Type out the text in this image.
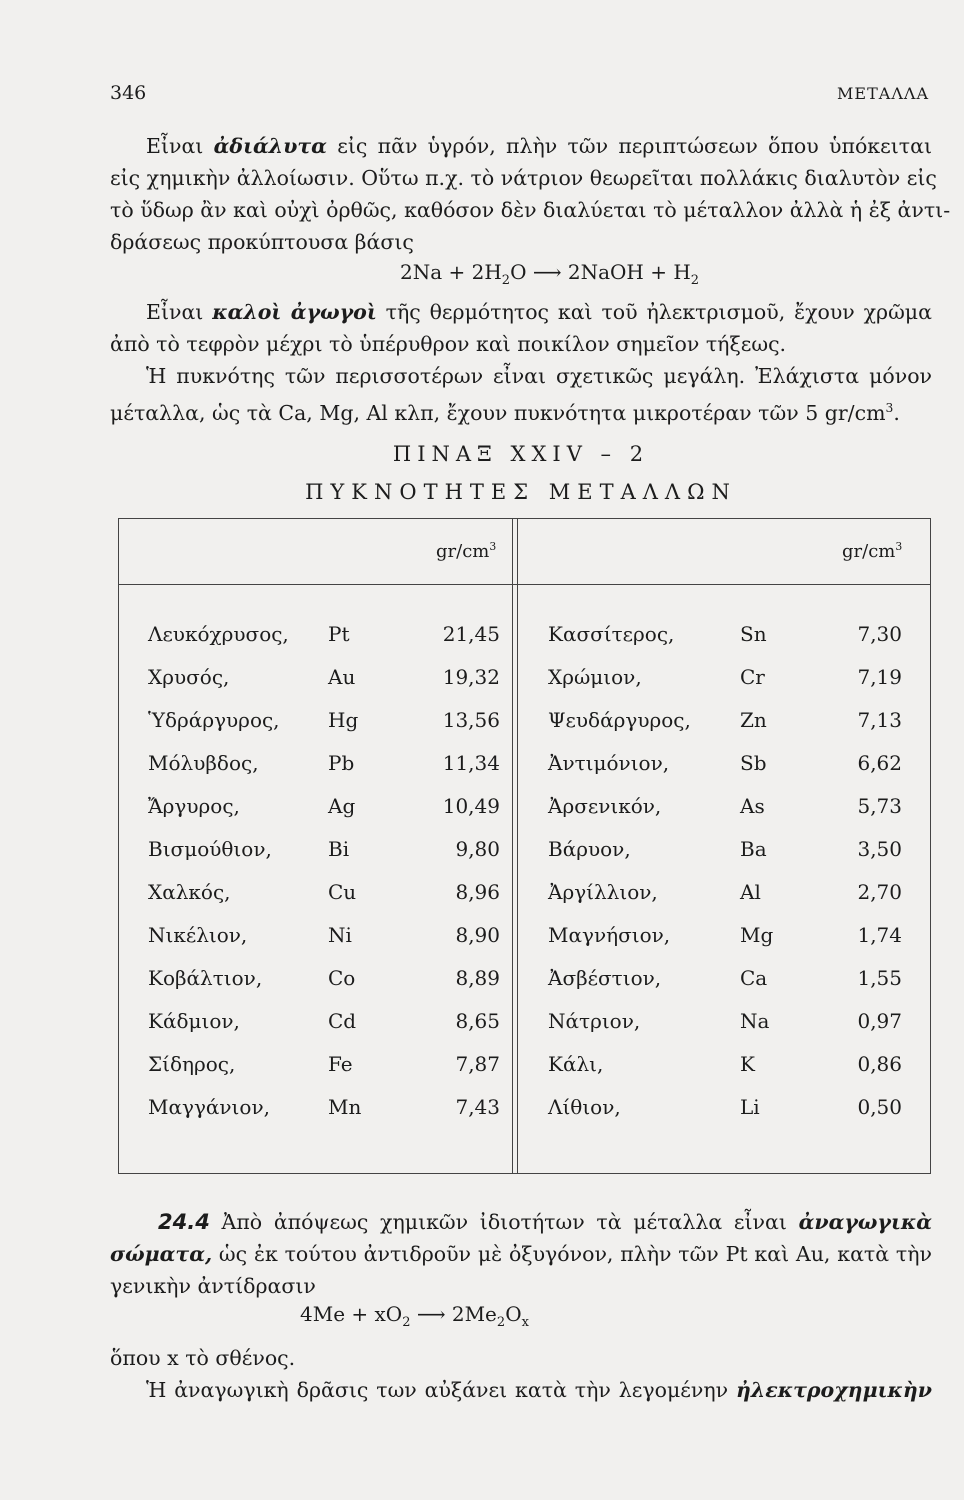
346	ΜΕΤΑΛΛΑ
Εἶναι ἀδιάλυτα εἰς πᾶν ὑγρόν, πλὴν τῶν περιπτώσεων ὅπου ὑπόκειται
εἰς χημικὴν ἀλλοίωσιν. Οὕτω π.χ. τὸ νάτριον θεωρεῖται πολλάκις διαλυτὸν εἰς
τὸ ὕδωρ ἂν καὶ οὐχὶ ὀρθῶς, καθόσον δὲν διαλύεται τὸ μέταλλον ἀλλὰ ἡ ἐξ ἀντι-
δράσεως προκύπτουσα βάσις
$2Na + 2H_2O$ ⟶ 2NaOH + $H_2$
Εἶναι καλοὶ ἀγωγοὶ τῆς θερμότητος καὶ τοῦ ἠλεκτρισμοῦ, ἔχουν χρῶμα
ἀπὸ τὸ τεφρὸν μέχρι τὸ ὑπέρυθρον καὶ ποικίλον σημεῖον τήξεως.
Ἡ πυκνότης τῶν περισσοτέρων εἶναι σχετικῶς μεγάλη. Ἐλάχιστα μόνον
μέταλλα, ὡς τὰ Ca, Mg, Al κλπ, ἔχουν πυκνότητα μικροτέραν τῶν 5 $gr/cm^3$.
ΠΙΝΑΞ XXIV – 2
ΠΥΚΝΟΤΗΤΕΣ ΜΕΤΑΛΛΩΝ
$gr/cm^3$	$gr/cm^3$
Λευκόχρυσος, Pt	21,45 Κασσίτερος,	Sn	7,30
Χρυσός,	Au	19,32 Χρώμιον,	Cr	7,19
Ὑδράργυρος, Hg	13,56 Ψευδάργυρος, Zn	7,13
Μόλυβδος,	Pb	11,34 Ἀντιμόνιον,	Sb	6,62
Ἄργυρος,	Ag	10,49 Ἀρσενικόν,	As	5,73
Βισμούθιον,	Bi	9,80 Βάρυον,	Ba	3,50
Χαλκός,	Cu	8,96 Ἀργίλλιον,	Al	2,70
Νικέλιον,	Ni	8,90 Μαγνήσιον,	Mg	1,74
Κοβάλτιον,	Co	8,89 Ἀσβέστιον,	Ca	1,55
Κάδμιον,	Cd	8,65 Νάτριον,	Na	0,97
Σίδηρος,	Fe	7,87 Κάλι,	K	0,86
Μαγγάνιον,	Mn	7,43 Λίθιον,	Li	0,50
24.4 Ἀπὸ ἀπόψεως χημικῶν ἰδιοτήτων τὰ μέταλλα εἶναι ἀναγωγικὰ
σώματα, ὡς ἐκ τούτου ἀντιδροῦν μὲ ὀξυγόνον, πλὴν τῶν Pt καὶ Au, κατὰ τὴν
γενικὴν ἀντίδρασιν
$4Me + xO_2$ ⟶ $2Me_2O_x$
ὅπου x τὸ σθένος.
Ἡ ἀναγωγικὴ δρᾶσις των αὐξάνει κατὰ τὴν λεγομένην ἠλεκτροχημικὴν
